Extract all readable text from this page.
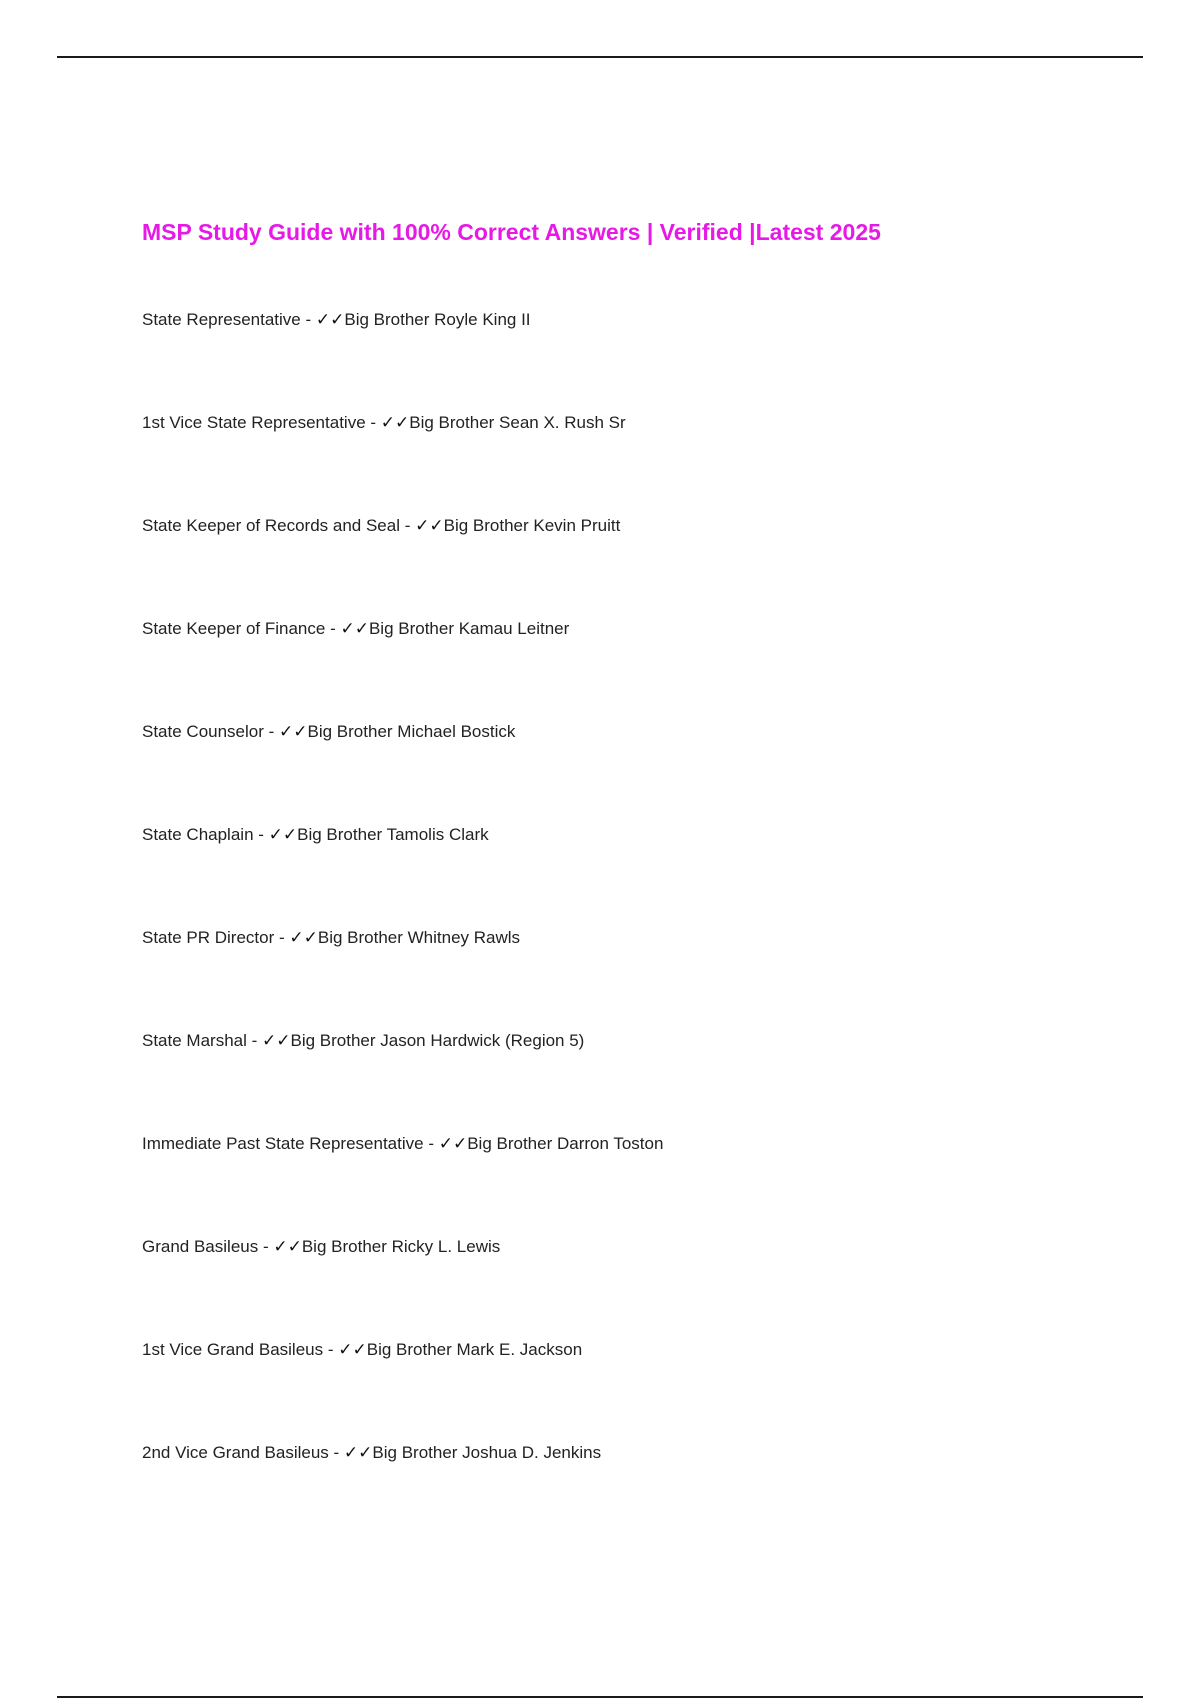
MSP Study Guide with 100% Correct Answers | Verified |Latest 2025
State Representative - ✓✓Big Brother Royle King II
1st Vice State Representative - ✓✓Big Brother Sean X. Rush Sr
State Keeper of Records and Seal - ✓✓Big Brother Kevin Pruitt
State Keeper of Finance - ✓✓Big Brother Kamau Leitner
State Counselor - ✓✓Big Brother Michael Bostick
State Chaplain - ✓✓Big Brother Tamolis Clark
State PR Director - ✓✓Big Brother Whitney Rawls
State Marshal - ✓✓Big Brother Jason Hardwick (Region 5)
Immediate Past State Representative - ✓✓Big Brother Darron Toston
Grand Basileus - ✓✓Big Brother Ricky L. Lewis
1st Vice Grand Basileus - ✓✓Big Brother Mark E. Jackson
2nd Vice Grand Basileus - ✓✓Big Brother Joshua D. Jenkins
